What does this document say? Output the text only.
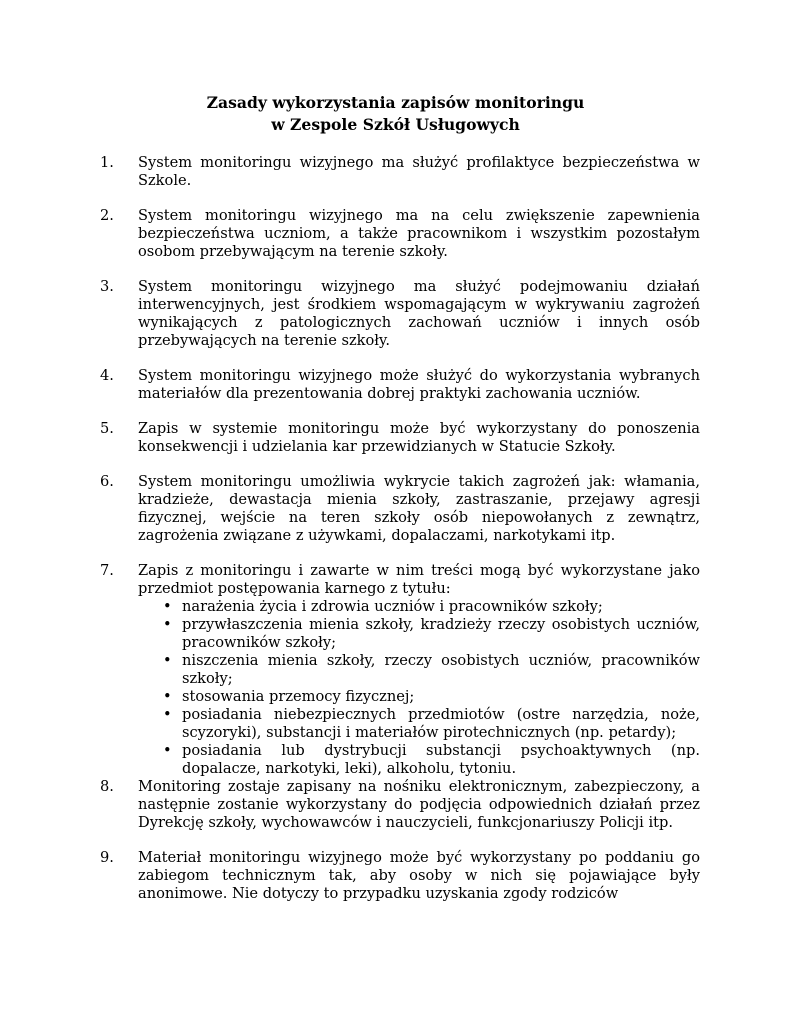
Zasady wykorzystania zapisów monitoringu
w Zespole Szkół Usługowych
1.	System monitoringu wizyjnego ma służyć profilaktyce bezpieczeństwa w Szkole.
2.	System monitoringu wizyjnego ma na celu zwiększenie zapewnienia bezpieczeństwa uczniom, a także pracownikom i wszystkim pozostałym osobom przebywającym na terenie szkoły.
3.	System monitoringu wizyjnego ma służyć podejmowaniu działań interwencyjnych, jest środkiem wspomagającym w wykrywaniu zagrożeń wynikających z patologicznych zachowań uczniów i innych osób przebywających na terenie szkoły.
4.	System monitoringu wizyjnego może służyć do wykorzystania wybranych materiałów dla prezentowania dobrej praktyki zachowania uczniów.
5.	Zapis w systemie monitoringu może być wykorzystany do ponoszenia konsekwencji i udzielania kar przewidzianych w Statucie Szkoły.
6.	System monitoringu umożliwia wykrycie takich zagrożeń jak: włamania, kradzieże, dewastacja mienia szkoły, zastraszanie, przejawy agresji fizycznej, wejście na teren szkoły osób niepowołanych z zewnątrz, zagrożenia związane z używkami, dopalaczami, narkotykami itp.
7.	Zapis z monitoringu i zawarte w nim treści mogą być wykorzystane jako przedmiot postępowania karnego z tytułu:
• narażenia życia i zdrowia uczniów i pracowników szkoły;
• przywłaszczenia mienia szkoły, kradzieży rzeczy osobistych uczniów, pracowników szkoły;
• niszczenia mienia szkoły, rzeczy osobistych uczniów, pracowników szkoły;
• stosowania przemocy fizycznej;
• posiadania niebezpiecznych przedmiotów (ostre narzędzia, noże, scyzoryki), substancji i materiałów pirotechnicznych (np. petardy);
• posiadania lub dystrybucji substancji psychoaktywnych (np. dopalacze, narkotyki, leki), alkoholu, tytoniu.
8.	Monitoring zostaje zapisany na nośniku elektronicznym, zabezpieczony, a następnie zostanie wykorzystany do podjęcia odpowiednich działań przez Dyrekcję szkoły, wychowawców i nauczycieli, funkcjonariuszy Policji itp.
9.	Materiał monitoringu wizyjnego może być wykorzystany po poddaniu go zabiegom technicznym tak, aby osoby w nich się pojawiające były anonimowe. Nie dotyczy to przypadku uzyskania zgody rodziców
